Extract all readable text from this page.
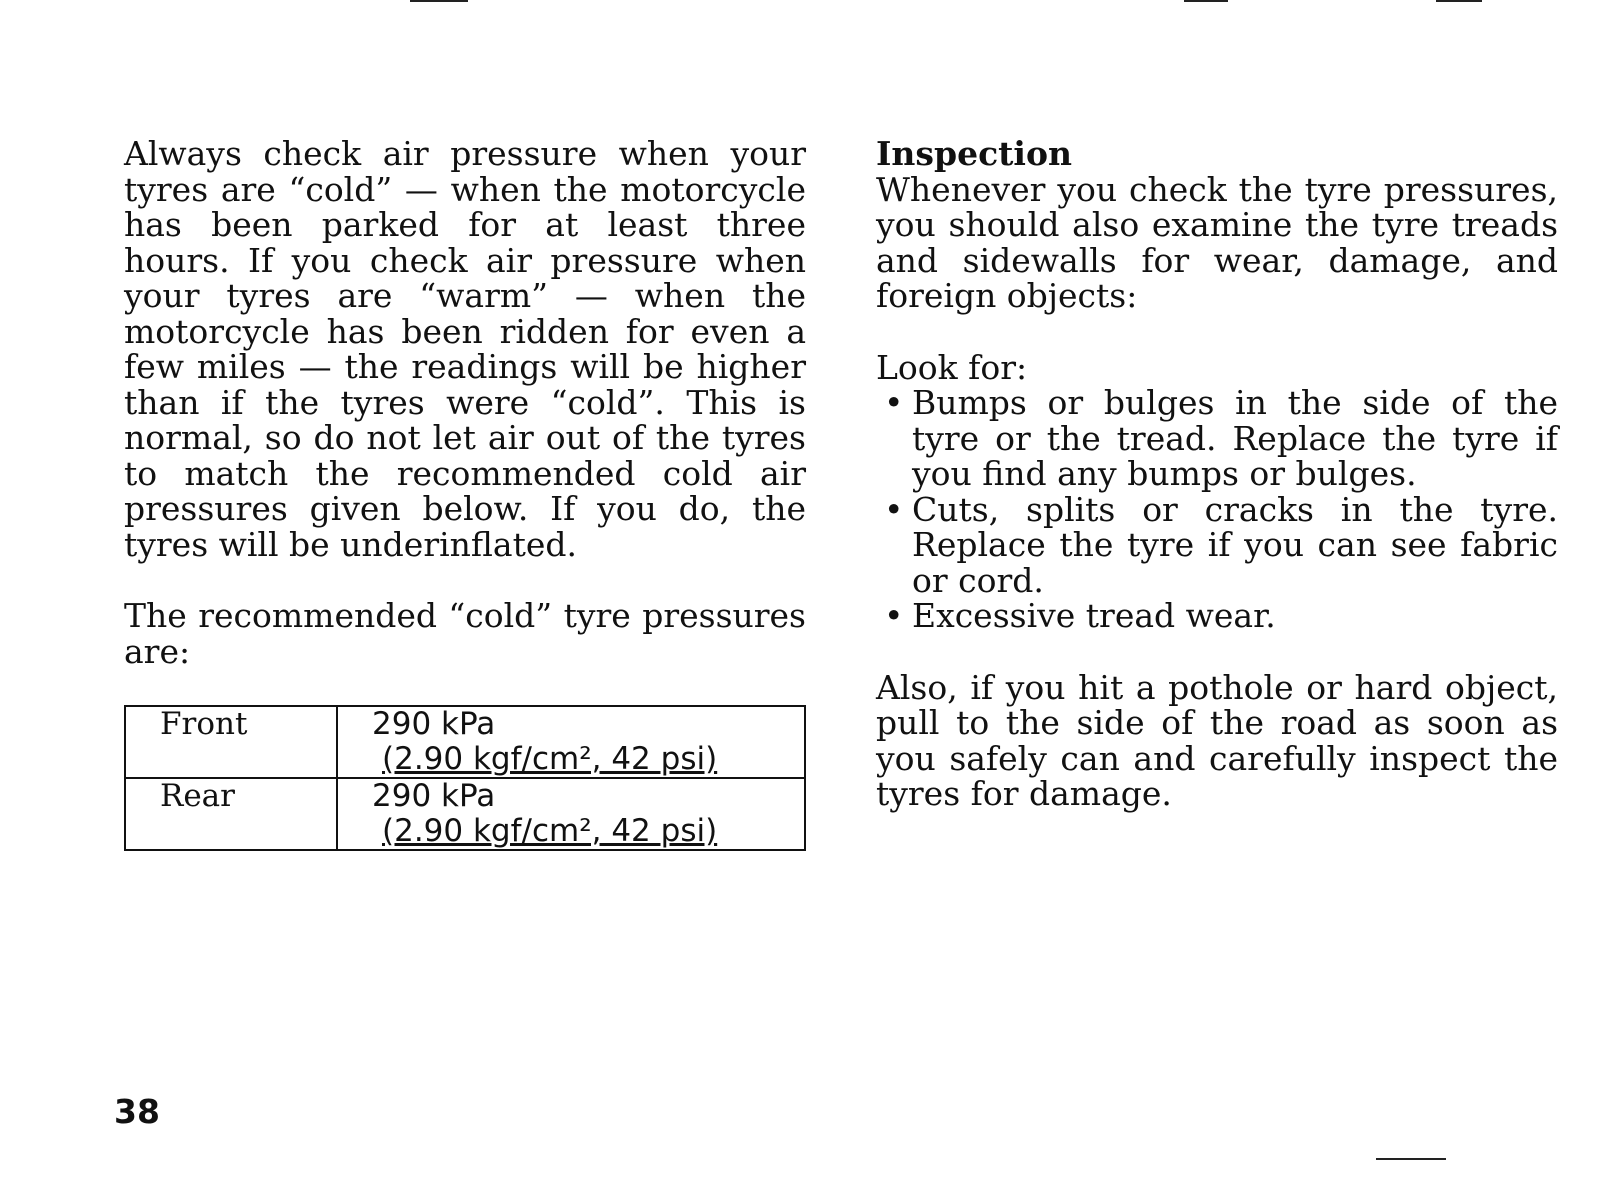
Always check air pressure when your tyres are “cold” — when the motorcycle has been parked for at least three hours. If you check air pressure when your tyres are “warm” — when the motorcycle has been ridden for even a few miles — the readings will be higher than if the tyres were “cold”. This is normal, so do not let air out of the tyres to match the recommended cold air pressures given below. If you do, the tyres will be underinflated.

The recommended “cold” tyre pressures are:

Front	290 kPa
(2.90 kgf/cm², 42 psi)

Rear	290 kPa
(2.90 kgf/cm², 42 psi)
Inspection

Whenever you check the tyre pressures, you should also examine the tyre treads and sidewalls for wear, damage, and foreign objects:

Look for:

• Bumps or bulges in the side of the tyre or the tread. Replace the tyre if you find any bumps or bulges.
• Cuts, splits or cracks in the tyre. Replace the tyre if you can see fabric or cord.
• Excessive tread wear.

Also, if you hit a pothole or hard object, pull to the side of the road as soon as you safely can and carefully inspect the tyres for damage.

38
